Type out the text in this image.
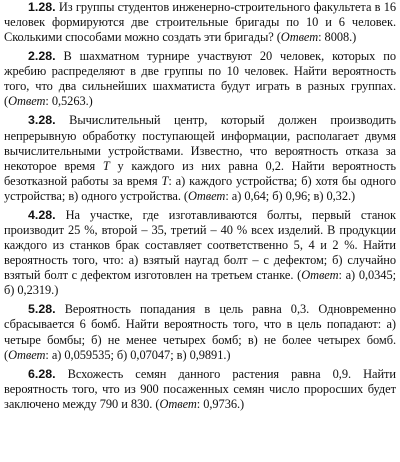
1.28. Из группы студентов инженерно-строительного факультета в 16 человек формируются две строительные бригады по 10 и 6 человек. Сколькими способами можно создать эти бригады? (Ответ: 8008.)

2.28. В шахматном турнире участвуют 20 человек, которых по жребию распределяют в две группы по 10 человек. Найти вероятность того, что два сильнейших шахматиста будут играть в разных группах. (Ответ: 0,5263.)

3.28. Вычислительный центр, который должен производить непрерывную обработку поступающей информации, располагает двумя вычислительными устройствами. Известно, что вероятность отказа за некоторое время T у каждого из них равна 0,2. Найти вероятность безотказной работы за время T: а) каждого устройства; б) хотя бы одного устройства; в) одного устройства. (Ответ: а) 0,64; б) 0,96; в) 0,32.)

4.28. На участке, где изготавливаются болты, первый станок производит 25 %, второй – 35, третий – 40 % всех изделий. В продукции каждого из станков брак составляет соответственно 5, 4 и 2 %. Найти вероятность того, что: а) взятый наугад болт – с дефектом; б) случайно взятый болт с дефектом изготовлен на третьем станке. (Ответ: а) 0,0345; б) 0,2319.)

5.28. Вероятность попадания в цель равна 0,3. Одновременно сбрасывается 6 бомб. Найти вероятность того, что в цель попадают: а) четыре бомбы; б) не менее четырех бомб; в) не более четырех бомб. (Ответ: а) 0,059535; б) 0,07047; в) 0,9891.)

6.28. Всхожесть семян данного растения равна 0,9. Найти вероятность того, что из 900 посаженных семян число проросших будет заключено между 790 и 830. (Ответ: 0,9736.)
